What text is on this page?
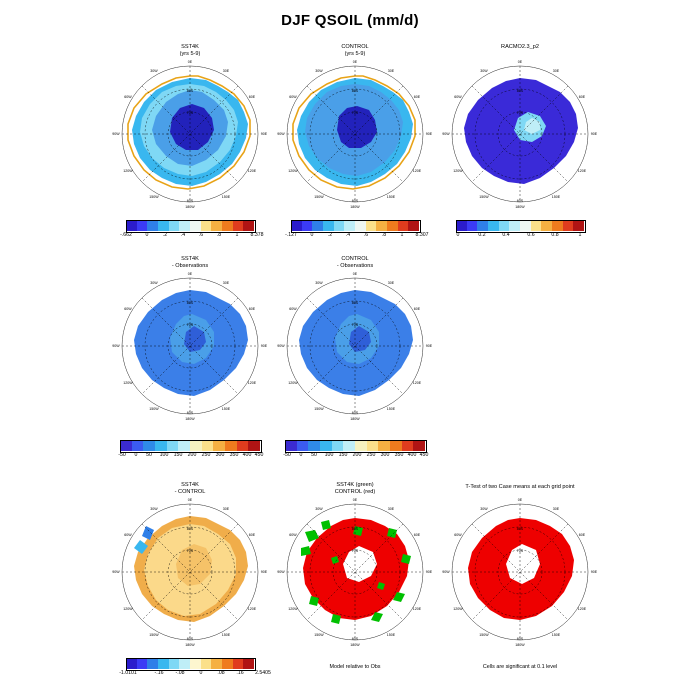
DJF QSOIL (mm/d)
SST4K
(yrs 5-9)
0E
30E
60E
90E
120E
150E
180W
150W
120W
90W
60W
30W
80S
70S
60S
-.662	0	.2	.4	.6	.8	1 8.378
CONTROL
(yrs 5-9)
0E
30E
60E
90E
120E
150E
180W
150W
120W
90W
60W
30W
80S
70S
60S
-.127	0	.2	.4	.6	.8	1 8.307
RACMO2.3_p2
0E
30E
60E
90E
120E
150E
180W
150W
120W
90W
60W
30W
80S
70S
60S
0	0.2	0.4	0.6	0.8	1
SST4K
- Observations
0E
30E
60E
90E
120E
150E
180W
150W
120W
90W
60W
30W
80S
70S
60S
-50 0 50 100 150 200 250 300 350 400 450
CONTROL
- Observations
0E
30E
60E
90E
120E
150E
180W
150W
120W
90W
60W
30W
80S
70S
60S
-50 0 50 100 150 200 250 300 350 400 450
SST4K
- CONTROL
0E
30E
60E
90E
120E
150E
180W
150W
120W
90W
60W
30W
80S
70S
60S
-1.0101	-.16 -.08	0	.08 .16 2.5405
SST4K (green)
CONTROL (red)
0E
30E
60E
90E
120E
150E
180W
150W
120W
90W
60W
30W
80S
70S
60S
Model relative to Obs
T-Test of two Case means at each grid point
0E
30E
60E
90E
120E
150E
180W
150W
120W
90W
60W
30W
80S
70S
60S
Cells are significant at 0.1 level
